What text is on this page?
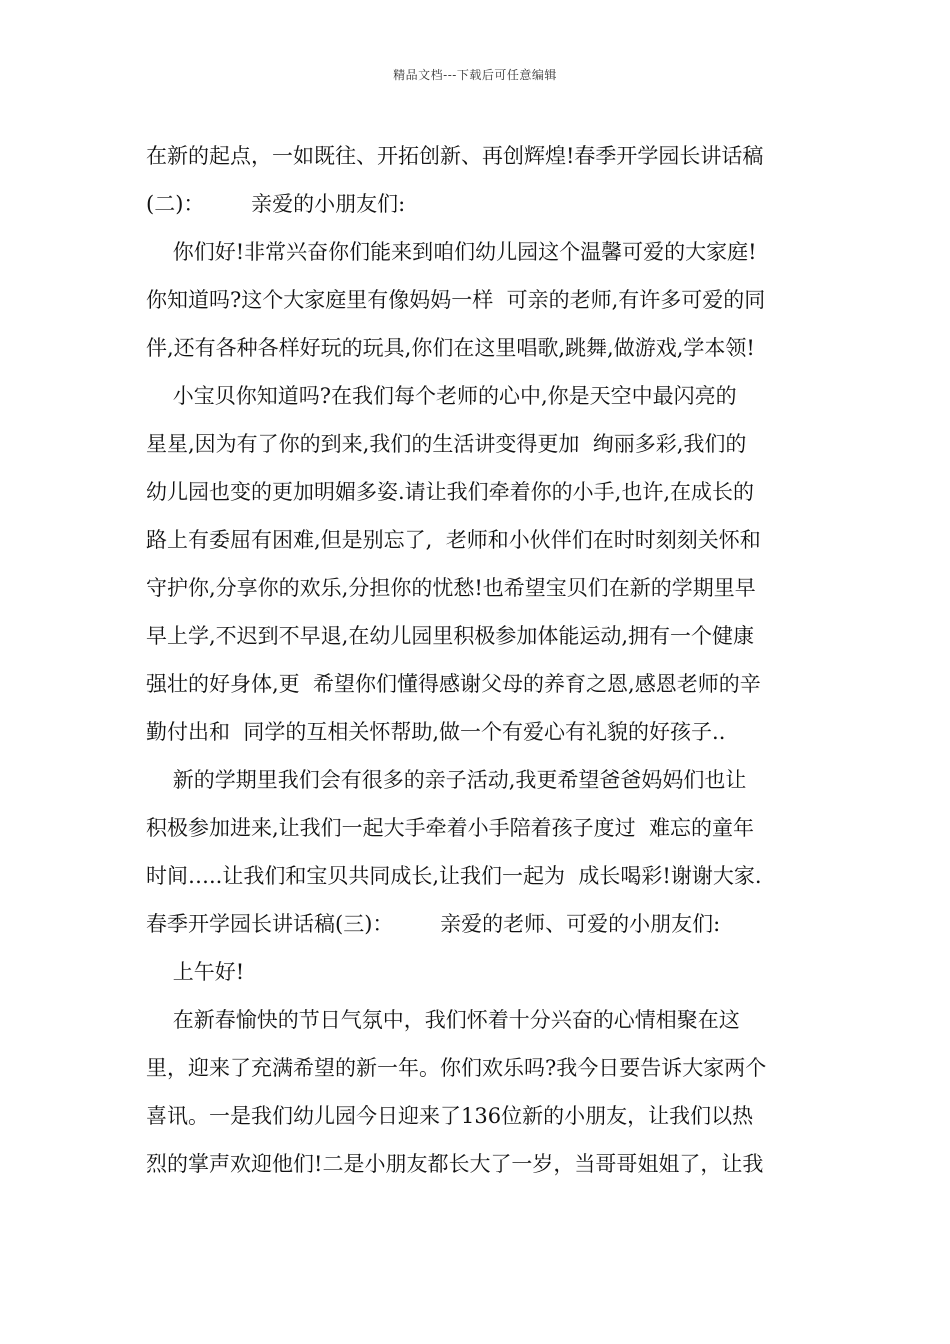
精品文档---下载后可任意编辑
在新的起点，一如既往、开拓创新、再创辉煌!春季开学园长讲话稿
(二)：       亲爱的小朋友们:
你们好!非常兴奋你们能来到咱们幼儿园这个温馨可爱的大家庭!
你知道吗?这个大家庭里有像妈妈一样  可亲的老师,有许多可爱的同
伴,还有各种各样好玩的玩具,你们在这里唱歌,跳舞,做游戏,学本领!
小宝贝你知道吗?在我们每个老师的心中,你是天空中最闪亮的
星星,因为有了你的到来,我们的生活讲变得更加  绚丽多彩,我们的
幼儿园也变的更加明媚多姿.请让我们牵着你的小手,也许,在成长的
路上有委屈有困难,但是别忘了,  老师和小伙伴们在时时刻刻关怀和
守护你,分享你的欢乐,分担你的忧愁!也希望宝贝们在新的学期里早
早上学,不迟到不早退,在幼儿园里积极参加体能运动,拥有一个健康
强壮的好身体,更  希望你们懂得感谢父母的养育之恩,感恩老师的辛
勤付出和  同学的互相关怀帮助,做一个有爱心有礼貌的好孩子..
新的学期里我们会有很多的亲子活动,我更希望爸爸妈妈们也让
积极参加进来,让我们一起大手牵着小手陪着孩子度过  难忘的童年
时间…..让我们和宝贝共同成长,让我们一起为  成长喝彩!谢谢大家.
春季开学园长讲话稿(三)：       亲爱的老师、可爱的小朋友们:
上午好!
在新春愉快的节日气氛中，我们怀着十分兴奋的心情相聚在这
里，迎来了充满希望的新一年。你们欢乐吗?我今日要告诉大家两个
喜讯。一是我们幼儿园今日迎来了136位新的小朋友，让我们以热
烈的掌声欢迎他们!二是小朋友都长大了一岁，当哥哥姐姐了，让我
